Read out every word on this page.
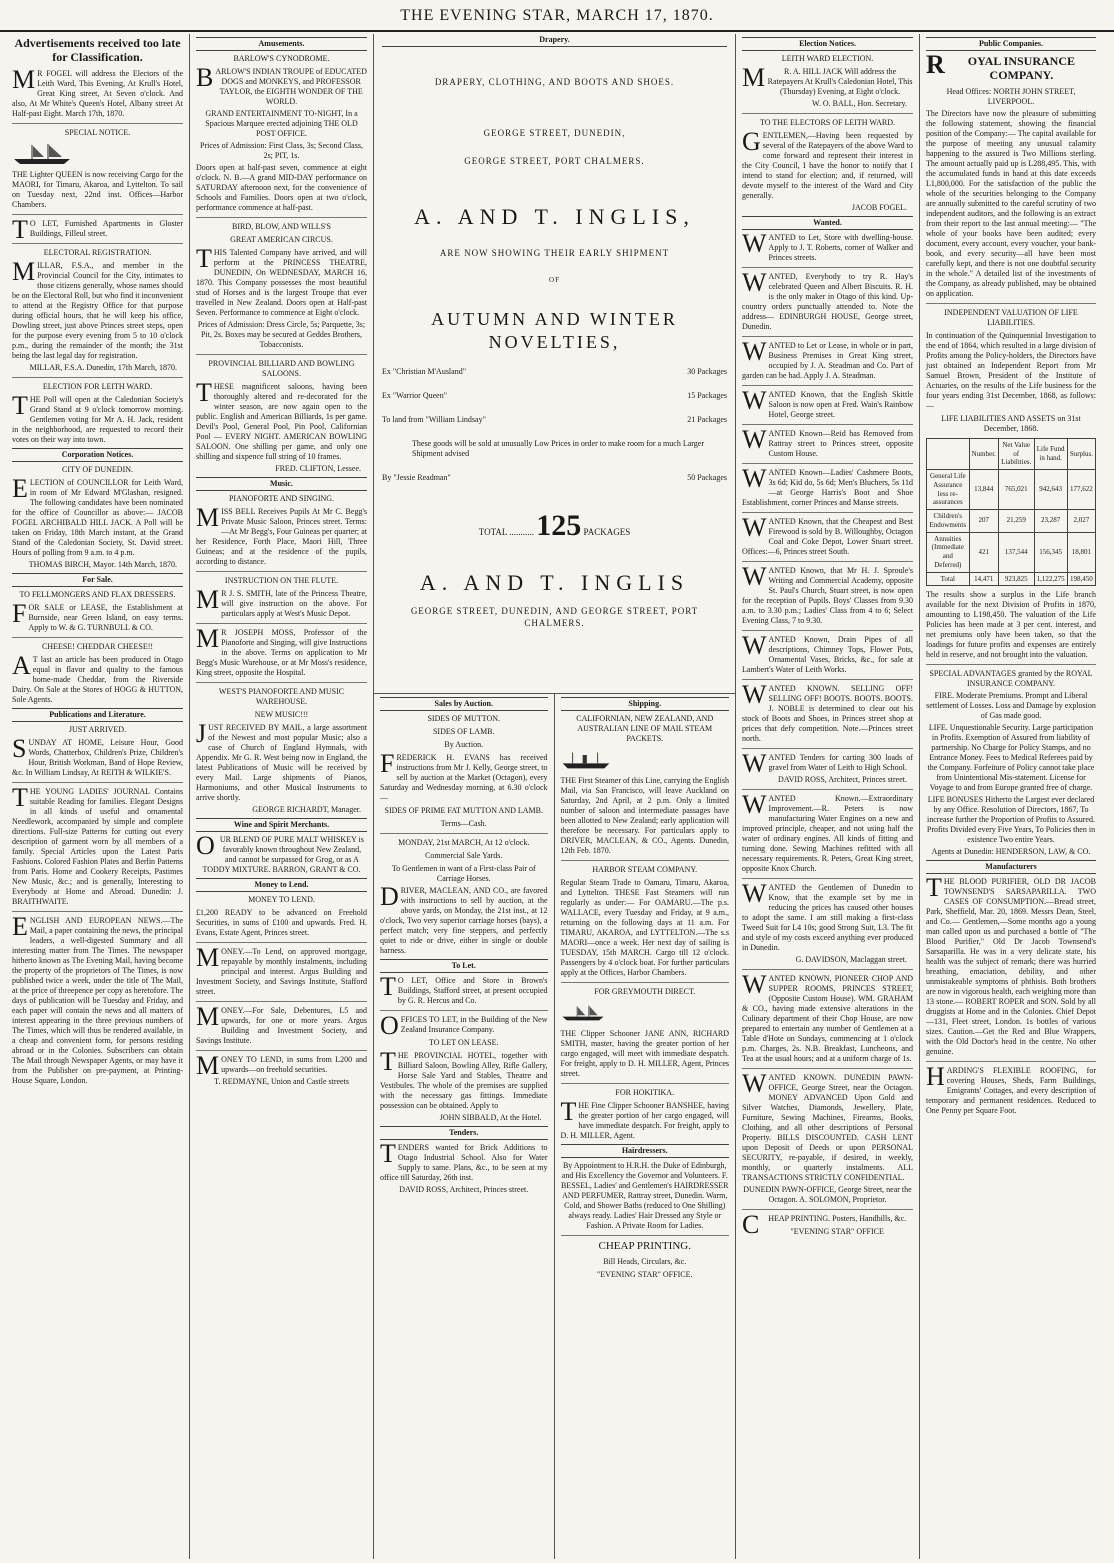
THE EVENING STAR, MARCH 17, 1870.
Advertisements received too late for Classification.

MR FOGEL will address the Electors of the Leith Ward, This Evening, At Krull's Hotel, Great King street, At Seven o'clock. And also, At Mr White's Queen's Hotel, Albany street At Half-past Eight. March 17th, 1870.

SPECIAL NOTICE.

THE Lighter QUEEN is now receiving Cargo for the MAORI, for Timaru, Akaroa, and Lyttelton. To sail on Tuesday next, 22nd inst. Offices—Harbor Chambers.

TO LET, Furnished Apartments in Gloster Buildings, Filleul street.

ELECTORAL REGISTRATION.

MILLAR, F.S.A., and member in the Provincial Council for the City, intimates to those citizens generally, whose names should be on the Electoral Roll, but who find it inconvenient to attend at the Registry Office for that purpose during official hours, that he will keep his office, Dowling street, just above Princes street steps, open for the purpose every evening from 5 to 10 o'clock p.m., during the remainder of the month; the 31st being the last legal day for registration.

MILLAR, F.S.A. Dunedin, 17th March, 1870.

ELECTION FOR LEITH WARD.

THE Poll will open at the Caledonian Society's Grand Stand at 9 o'clock tomorrow morning. Gentlemen voting for Mr A. H. Jack, resident in the neighborhood, are requested to record their votes on their way into town.

Corporation Notices.
CITY OF DUNEDIN.

ELECTION of COUNCILLOR for Leith Ward, in room of Mr Edward M'Glashan, resigned. The following candidates have been nominated for the office of Councillor as above:— JACOB FOGEL ARCHIBALD HILL JACK. A Poll will be taken on Friday, 18th March instant, at the Grand Stand of the Caledonian Society, St. David street. Hours of polling from 9 a.m. to 4 p.m.

THOMAS BIRCH, Mayor. 14th March, 1870.

For Sale.
TO FELLMONGERS AND FLAX DRESSERS.

FOR SALE or LEASE, the Establishment at Burnside, near Green Island, on easy terms. Apply to W. & G. TURNBULL & CO.

CHEESE! CHEDDAR CHEESE!!

AT last an article has been produced in Otago equal in flavor and quality to the famous home-made Cheddar, from the Riverside Dairy. On Sale at the Stores of HOGG & HUTTON, Sole Agents.

Publications and Literature.
JUST ARRIVED.

SUNDAY AT HOME, Leisure Hour, Good Words, Chatterbox, Children's Prize, Children's Hour, British Workman, Band of Hope Review, &c. In William Lindsay, At REITH & WILKIE'S.

THE YOUNG LADIES' JOURNAL Contains suitable Reading for families. Elegant Designs in all kinds of useful and ornamental Needlework, accompanied by simple and complete directions. Full-size Patterns for cutting out every description of garment worn by all members of a family. Special Articles upon the Latest Paris Fashions. Colored Fashion Plates and Berlin Patterns from Paris. Home and Cookery Receipts, Pastimes New Music, &c.; and is generally, Interesting to Everybody at Home and Abroad. Dunedin: J. BRAITHWAITE.

ENGLISH AND EUROPEAN NEWS.—The Mail, a paper containing the news, the principal leaders, a well-digested Summary and all interesting matter from The Times. The newspaper hitherto known as The Evening Mail, having become the property of the proprietors of The Times, is now published twice a week, under the title of The Mail, at the price of threepence per copy as heretofore. The days of publication will be Tuesday and Friday, and each paper will contain the news and all matters of interest appearing in the three previous numbers of The Times, which will thus be rendered available, in a cheap and convenient form, for persons residing abroad or in the Colonies. Subscribers can obtain The Mail through Newspaper Agents, or may have it from the Publisher on pre-payment, at Printing-House Square, London.

Amusements.
BARLOW'S CYNODROME.

BARLOW'S INDIAN TROUPE of EDUCATED DOGS and MONKEYS, and PROFESSOR TAYLOR, the EIGHTH WONDER OF THE WORLD.

GRAND ENTERTAINMENT TO-NIGHT, In a Spacious Marquee erected adjoining THE OLD POST OFFICE.

Prices of Admission: First Class, 3s; Second Class, 2s; PIT, 1s.

Doors open at half-past seven, commence at eight o'clock. N. B.—A grand MID-DAY performance on SATURDAY afternoon next, for the convenience of Schools and Families. Doors open at two o'clock, performance commence at half-past.

BIRD, BLOW, AND WILLS'S
GREAT AMERICAN CIRCUS.

THIS Talented Company have arrived, and will perform at the PRINCESS THEATRE, DUNEDIN, On WEDNESDAY, MARCH 16, 1870. This Company possesses the most beautiful stud of Horses and is the largest Troupe that ever travelled in New Zealand. Doors open at Half-past Seven. Performance to commence at Eight o'clock.

Prices of Admission: Dress Circle, 5s; Parquette, 3s; Pit, 2s. Boxes may be secured at Geddes Brothers, Tobacconists.

PROVINCIAL BILLIARD AND BOWLING SALOONS.

THESE magnificent saloons, having been thoroughly altered and re-decorated for the winter season, are now again open to the public. English and American Billiards, 1s per game. Devil's Pool, General Pool, Pin Pool, Californian Pool — EVERY NIGHT. AMERICAN BOWLING SALOON. One shilling per game, and only one shilling and sixpence full string of 10 frames.

FRED. CLIFTON, Lessee.

Music.
PIANOFORTE AND SINGING.

MISS BELL Receives Pupils At Mr C. Begg's Private Music Saloon, Princes street. Terms:—At Mr Begg's, Four Guineas per quarter; at her Residence, Forth Place, Maori Hill, Three Guineas; and at the residence of the pupils, according to distance.

INSTRUCTION ON THE FLUTE.

MR J. S. SMITH, late of the Princess Theatre, will give instruction on the above. For particulars apply at West's Music Depot.

MR JOSEPH MOSS, Professor of the Pianoforte and Singing, will give Instructions in the above. Terms on application to Mr Begg's Music Warehouse, or at Mr Moss's residence, King street, opposite the Hospital.

WEST'S PIANOFORTE AND MUSIC WAREHOUSE.
NEW MUSIC!!!

JUST RECEIVED BY MAIL, a large assortment of the Newest and most popular Music; also a case of Church of England Hymnals, with Appendix. Mr G. R. West being now in England, the latest Publications of Music will be received by every Mail. Large shipments of Pianos, Harmoniums, and other Musical Instruments to arrive shortly.

GEORGE RICHARDT, Manager.

Wine and Spirit Merchants.

OUR BLEND OF PURE MALT WHISKEY is favorably known throughout New Zealand, and cannot be surpassed for Grog, or as A TODDY MIXTURE. BARRON, GRANT & CO.

Money to Lend.
MONEY TO LEND.

£1,200 READY to be advanced on Freehold Securities, in sums of £100 and upwards. Fred. H. Evans, Estate Agent, Princes street.

MONEY.—To Lend, on approved mortgage, repayable by monthly instalments, including principal and interest. Argus Building and Investment Society, and Savings Institute, Stafford street.

MONEY.—For Sale, Debentures, L5 and upwards, for one or more years. Argus Building and Investment Society, and Savings Institute.

MONEY TO LEND, in sums from L200 and upwards—on freehold securities.

T. REDMAYNE, Union and Castle streets

Drapery.
DRAPERY, CLOTHING, AND BOOTS AND SHOES.
GEORGE STREET, DUNEDIN,
GEORGE STREET, PORT CHALMERS.
A. AND T. INGLIS,
ARE NOW SHOWING THEIR EARLY SHIPMENT
OF
AUTUMN AND WINTER NOVELTIES,
Ex "Christian M'Ausland"	30 Packages
Ex "Warrior Queen"	15 Packages
To land from "William Lindsay"	21 Packages
These goods will be sold at unusually Low Prices in order to make room for a much Larger Shipment advised
By "Jessie Readman"	50 Packages
TOTAL ........... 125 PACKAGES
A. AND T. INGLIS
GEORGE STREET, DUNEDIN, AND GEORGE STREET, PORT CHALMERS.
Sales by Auction.
SIDES OF MUTTON.
SIDES OF LAMB.
By Auction.

FREDERICK H. EVANS has received instructions from Mr J. Kelly, George street, to sell by auction at the Market (Octagon), every Saturday and Wednesday morning, at 6.30 o'clock—

SIDES OF PRIME FAT MUTTON AND LAMB.
Terms—Cash.
MONDAY, 21st MARCH, At 12 o'clock.
Commercial Sale Yards.

To Gentlemen in want of a First-class Pair of Carriage Horses.

DRIVER, MACLEAN, AND CO., are favored with instructions to sell by auction, at the above yards, on Monday, the 21st inst., at 12 o'clock, Two very superior carriage horses (bays), a perfect match; very fine steppers, and perfectly quiet to ride or drive, either in single or double harness.

To Let.

TO LET, Office and Store in Brown's Buildings, Stafford street, at present occupied by G. R. Hercus and Co.

OFFICES TO LET, in the Building of the New Zealand Insurance Company.

TO LET ON LEASE.

THE PROVINCIAL HOTEL, together with Billiard Saloon, Bowling Alley, Rifle Gallery, Horse Sale Yard and Stables, Theatre and Vestibules. The whole of the premises are supplied with the necessary gas fittings. Immediate possession can be obtained. Apply to

JOHN SIBBALD, At the Hotel.

Tenders.

TENDERS wanted for Brick Additions to Otago Industrial School. Also for Water Supply to same. Plans, &c., to be seen at my office till Saturday, 26th inst.

DAVID ROSS, Architect, Princes street.

Shipping.
CALIFORNIAN, NEW ZEALAND, AND AUSTRALIAN LINE OF MAIL STEAM PACKETS.

THE First Steamer of this Line, carrying the English Mail, via San Francisco, will leave Auckland on Saturday, 2nd April, at 2 p.m. Only a limited number of saloon and intermediate passages have been allotted to New Zealand; early application will therefore be necessary. For particulars apply to DRIVER, MACLEAN, & CO., Agents. Dunedin, 12th Feb. 1870.

HARBOR STEAM COMPANY.

Regular Steam Trade to Oamaru, Timaru, Akaroa, and Lyttelton. THESE Fast Steamers will run regularly as under:— For OAMARU.—The p.s. WALLACE, every Tuesday and Friday, at 9 a.m., returning on the following days at 11 a.m. For TIMARU, AKAROA, and LYTTELTON.—The s.s MAORI—once a week. Her next day of sailing is TUESDAY, 15th MARCH. Cargo till 12 o'clock. Passengers by 4 o'clock boat. For further particulars apply at the Offices, Harbor Chambers.

FOR GREYMOUTH DIRECT.

THE Clipper Schooner JANE ANN, RICHARD SMITH, master, having the greater portion of her cargo engaged, will meet with immediate despatch. For freight, apply to D. H. MILLER, Agent, Princes street.

FOR HOKITIKA.

THE Fine Clipper Schooner BANSHEE, having the greater portion of her cargo engaged, will have immediate despatch. For freight, apply to D. H. MILLER, Agent.

Hairdressers.

By Appointment to H.R.H. the Duke of Edinburgh, and His Excellency the Governor and Volunteers. F. BESSEL, Ladies' and Gentlemen's HAIRDRESSER AND PERFUMER, Rattray street, Dunedin. Warm, Cold, and Shower Baths (reduced to One Shilling) always ready. Ladies' Hair Dressed any Style or Fashion. A Private Room for Ladies.

CHEAP PRINTING.
Bill Heads, Circulars, &c.
"EVENING STAR" OFFICE.
Election Notices.
LEITH WARD ELECTION.

MR. A. HILL JACK Will address the Ratepayers At Krull's Caledonian Hotel, This (Thursday) Evening, at Eight o'clock.

W. O. BALL, Hon. Secretary.

TO THE ELECTORS OF LEITH WARD.

GENTLEMEN,—Having been requested by several of the Ratepayers of the above Ward to come forward and represent their interest in the City Council, I have the honor to notify that I intend to stand for election; and, if returned, will devote myself to the interest of the Ward and City generally.

JACOB FOGEL.

Wanted.

WANTED to Let, Store with dwelling-house. Apply to J. T. Roberts, corner of Walker and Princes streets.

WANTED, Everybody to try R. Hay's celebrated Queen and Albert Biscuits. R. H. is the only maker in Otago of this kind. Up-country orders punctually attended to. Note the address— EDINBURGH HOUSE, George street, Dunedin.

WANTED to Let or Lease, in whole or in part, Business Premises in Great King street, occupied by J. A. Steadman and Co. Part of garden can be had. Apply J. A. Steadman.

WANTED Known, that the English Skittle Saloon is now open at Fred. Wain's Rainbow Hotel, George street.

WANTED Known—Reid has Removed from Rattray street to Princes street, opposite Custom House.

WANTED Known—Ladies' Cashmere Boots, 3s 6d; Kid do, 5s 6d; Men's Bluchers, 5s 11d—at George Harris's Boot and Shoe Establishment, corner Princes and Manse streets.

WANTED Known, that the Cheapest and Best Firewood is sold by B. Willoughby, Octagon Coal and Coke Depot, Lower Stuart street. Offices:—6, Princes street South.

WANTED Known, that Mr H. J. Sproule's Writing and Commercial Academy, opposite St. Paul's Church, Stuart street, is now open for the reception of Pupils. Boys' Classes from 9.30 a.m. to 3.30 p.m.; Ladies' Class from 4 to 6; Select Evening Class, 7 to 9.30.

WANTED Known, Drain Pipes of all descriptions, Chimney Tops, Flower Pots, Ornamental Vases, Bricks, &c., for sale at Lambert's Water of Leith Works.

WANTED KNOWN. SELLING OFF! SELLING OFF! BOOTS. BOOTS. BOOTS. J. NOBLE is determined to clear out his stock of Boots and Shoes, in Princes street shop at prices that defy competition. Note.—Princes street north.

WANTED Tenders for carting 300 loads of gravel from Water of Leith to High School.

DAVID ROSS, Architect, Princes street.

WANTED Known.—Extraordinary Improvement.—R. Peters is now manufacturing Water Engines on a new and improved principle, cheaper, and not using half the water of ordinary engines. All kinds of fitting and turning done. Sewing Machines refitted with all necessary requirements. R. Peters, Great King street, opposite Knox Church.

WANTED the Gentlemen of Dunedin to Know, that the example set by me in reducing the prices has caused other houses to adopt the same. I am still making a first-class Tweed Suit for L4 10s; good Strong Suit, L3. The fit and style of my costs exceed anything ever produced in Dunedin.

G. DAVIDSON, Maclaggan street.

WANTED KNOWN, PIONEER CHOP AND SUPPER ROOMS, PRINCES STREET, (Opposite Custom House). WM. GRAHAM & CO., having made extensive alterations in the Culinary department of their Chop House, are now prepared to entertain any number of Gentlemen at a Table d'Hote on Sundays, commencing at 1 o'clock p.m. Charges, 2s. N.B. Breakfast, Luncheons, and Tea at the usual hours; and at a uniform charge of 1s.

WANTED KNOWN. DUNEDIN PAWN-OFFICE, George Street, near the Octagon. MONEY ADVANCED Upon Gold and Silver Watches, Diamonds, Jewellery, Plate, Furniture, Sewing Machines, Firearms, Books, Clothing, and all other descriptions of Personal Property. BILLS DISCOUNTED. CASH LENT upon Deposit of Deeds or upon PERSONAL SECURITY, re-payable, if desired, in weekly, monthly, or quarterly instalments. ALL TRANSACTIONS STRICTLY CONFIDENTIAL.

DUNEDIN PAWN-OFFICE, George Street, near the Octagon. A. SOLOMON, Proprietor.

CHEAP PRINTING. Posters, Handbills, &c.

"EVENING STAR" OFFICE
Public Companies.
ROYAL INSURANCE COMPANY.

Head Offices: NORTH JOHN STREET, LIVERPOOL.

The Directors have now the pleasure of submitting the following statement, showing the financial position of the Company:— The capital available for the purpose of meeting any unusual calamity happening to the assured is Two Millions sterling. The amount actually paid up is L288,495. This, with the accumulated funds in hand at this date exceeds L1,800,000. For the satisfaction of the public the whole of the securities belonging to the Company are annually submitted to the careful scrutiny of two independent auditors, and the following is an extract from their report to the last annual meeting:— "The whole of your books have been audited; every document, every account, every voucher, your bank-book, and every security—all have been most carefully kept, and there is not one doubtful security in the whole." A detailed list of the investments of the Company, as already published, may be obtained on application.

INDEPENDENT VALUATION OF LIFE LIABILITIES.

In continuation of the Quinquennial Investigation to the end of 1864, which resulted in a large division of Profits among the Policy-holders, the Directors have just obtained an Independent Report from Mr Samuel Brown, President of the Institute of Actuaries, on the results of the Life business for the four years ending 31st December, 1868, as follows:—

LIFE LIABILITIES AND ASSETS on 31st December, 1868.
	Number.	Net Value of Liabilities.	Life Fund in hand.	Surplus.
General Life Assurance less re-assurances	13,844	765,021	942,643	177,622
Children's Endowments	207	21,259	23,287	2,027
Annuities (Immediate and Deferred)	421	137,544	156,345	18,801
Total	14,471	923,825	1,122,275	198,450

The results show a surplus in the Life branch available for the next Division of Profits in 1870, amounting to L198,450. The valuation of the Life Policies has been made at 3 per cent. interest, and net premiums only have been taken, so that the loadings for future profits and expenses are entirely held in reserve, and not brought into the valuation.

SPECIAL ADVANTAGES granted by the ROYAL INSURANCE COMPANY.

FIRE. Moderate Premiums. Prompt and Liberal settlement of Losses. Loss and Damage by explosion of Gas made good.

LIFE. Unquestionable Security. Large participation in Profits. Exemption of Assured from liability of partnership. No Charge for Policy Stamps, and no Entrance Money. Fees to Medical Referees paid by the Company. Forfeiture of Policy cannot take place from Unintentional Mis-statement. License for Voyage to and from Europe granted free of charge.

LIFE BONUSES Hitherto the Largest ever declared by any Office. Resolution of Directors, 1867, To increase further the Proportion of Profits to Assured. Profits Divided every Five Years, To Policies then in existence Two entire Years.

Agents at Dunedin: HENDERSON, LAW, & CO.

Manufacturers

THE BLOOD PURIFIER, OLD DR JACOB TOWNSEND'S SARSAPARILLA. TWO CASES OF CONSUMPTION.—Bread street, Park, Sheffield, Mar. 20, 1869. Messrs Dean, Steel, and Co.— Gentlemen,—Some months ago a young man called upon us and purchased a bottle of "The Blood Purifier," Old Dr Jacob Townsend's Sarsaparilla. He was in a very delicate state, his health was the subject of remark; there was hurried breathing, emaciation, debility, and other unmistakeable symptoms of phthisis. Both brothers are now in vigorous health, each weighing more than 13 stone.— ROBERT ROPER and SON. Sold by all druggists at Home and in the Colonies. Chief Depot—131, Fleet street, London. 1s bottles of various sizes. Caution.—Get the Red and Blue Wrappers, with the Old Doctor's head in the centre. No other genuine.

HARDING'S FLEXIBLE ROOFING, for covering Houses, Sheds, Farm Buildings, Emigrants' Cottages, and every description of temporary and permanent residences. Reduced to One Penny per Square Foot.
